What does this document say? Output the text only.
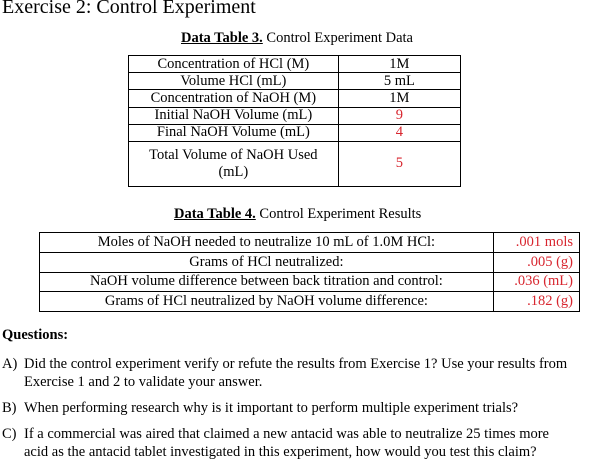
Exercise 2: Control Experiment
Data Table 3. Control Experiment Data
Concentration of HCl (M)	1M
Volume HCl (mL)	5 mL
Concentration of NaOH (M)	1M
Initial NaOH Volume (mL)	9
Final NaOH Volume (mL)	4

Total Volume of NaOH Used
(mL)	5
Data Table 4. Control Experiment Results
Moles of NaOH needed to neutralize 10 mL of 1.0M HCl:	.001 mols
Grams of HCl neutralized:	.005 (g)
NaOH volume difference between back titration and control:	.036 (mL)
Grams of HCl neutralized by NaOH volume difference:	.182 (g)
Questions:
A) Did the control experiment verify or refute the results from Exercise 1? Use your results from
Exercise 1 and 2 to validate your answer.
B) When performing research why is it important to perform multiple experiment trials?
C) If a commercial was aired that claimed a new antacid was able to neutralize 25 times more
acid as the antacid tablet investigated in this experiment, how would you test this claim?
